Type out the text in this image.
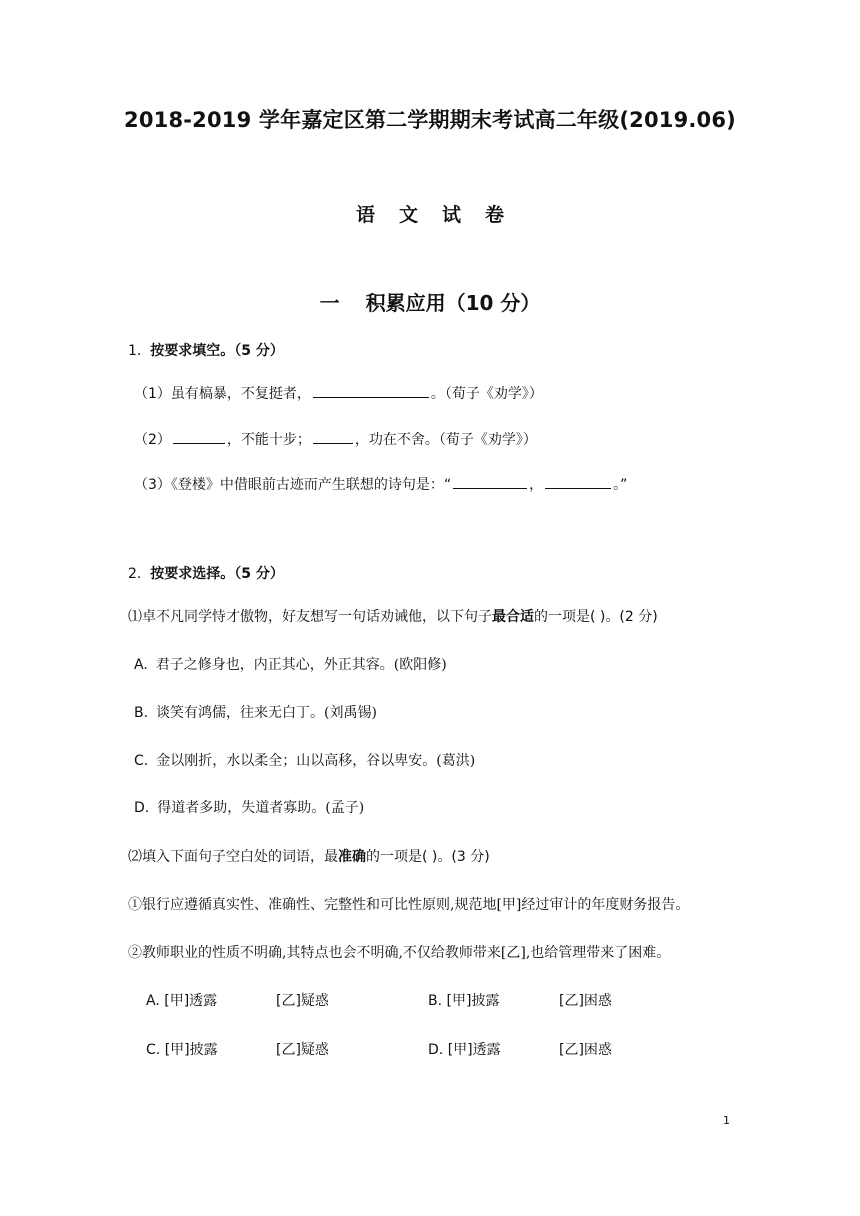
2018-2019 学年嘉定区第二学期期末考试高二年级(2019.06)
语文试卷
一 积累应用（10 分）
1. 按要求填空。（5 分）
（1）虽有槁暴，不复挺者，	。（荀子《劝学》）
（2）	，不能十步；	，功在不舍。（荀子《劝学》）
（3）《登楼》中借眼前古迹而产生联想的诗句是：“	，	。”
2. 按要求选择。（5 分）
⑴卓不凡同学恃才傲物，好友想写一句话劝诫他，以下句子最合适的一项是( )。(2 分)
A. 君子之修身也，内正其心，外正其容。(欧阳修)
B. 谈笑有鸿儒，往来无白丁。(刘禹锡)
C. 金以刚折，水以柔全；山以高移，谷以卑安。(葛洪)
D. 得道者多助，失道者寡助。(孟子)
⑵填入下面句子空白处的词语，最准确的一项是( )。(3 分)
①银行应遵循真实性、准确性、完整性和可比性原则,规范地[甲]经过审计的年度财务报告。
②教师职业的性质不明确,其特点也会不明确,不仅给教师带来[乙],也给管理带来了困难。
A. [甲]透露	[乙]疑惑	B. [甲]披露	[乙]困惑
C. [甲]披露	[乙]疑惑	D. [甲]透露	[乙]困惑
1
